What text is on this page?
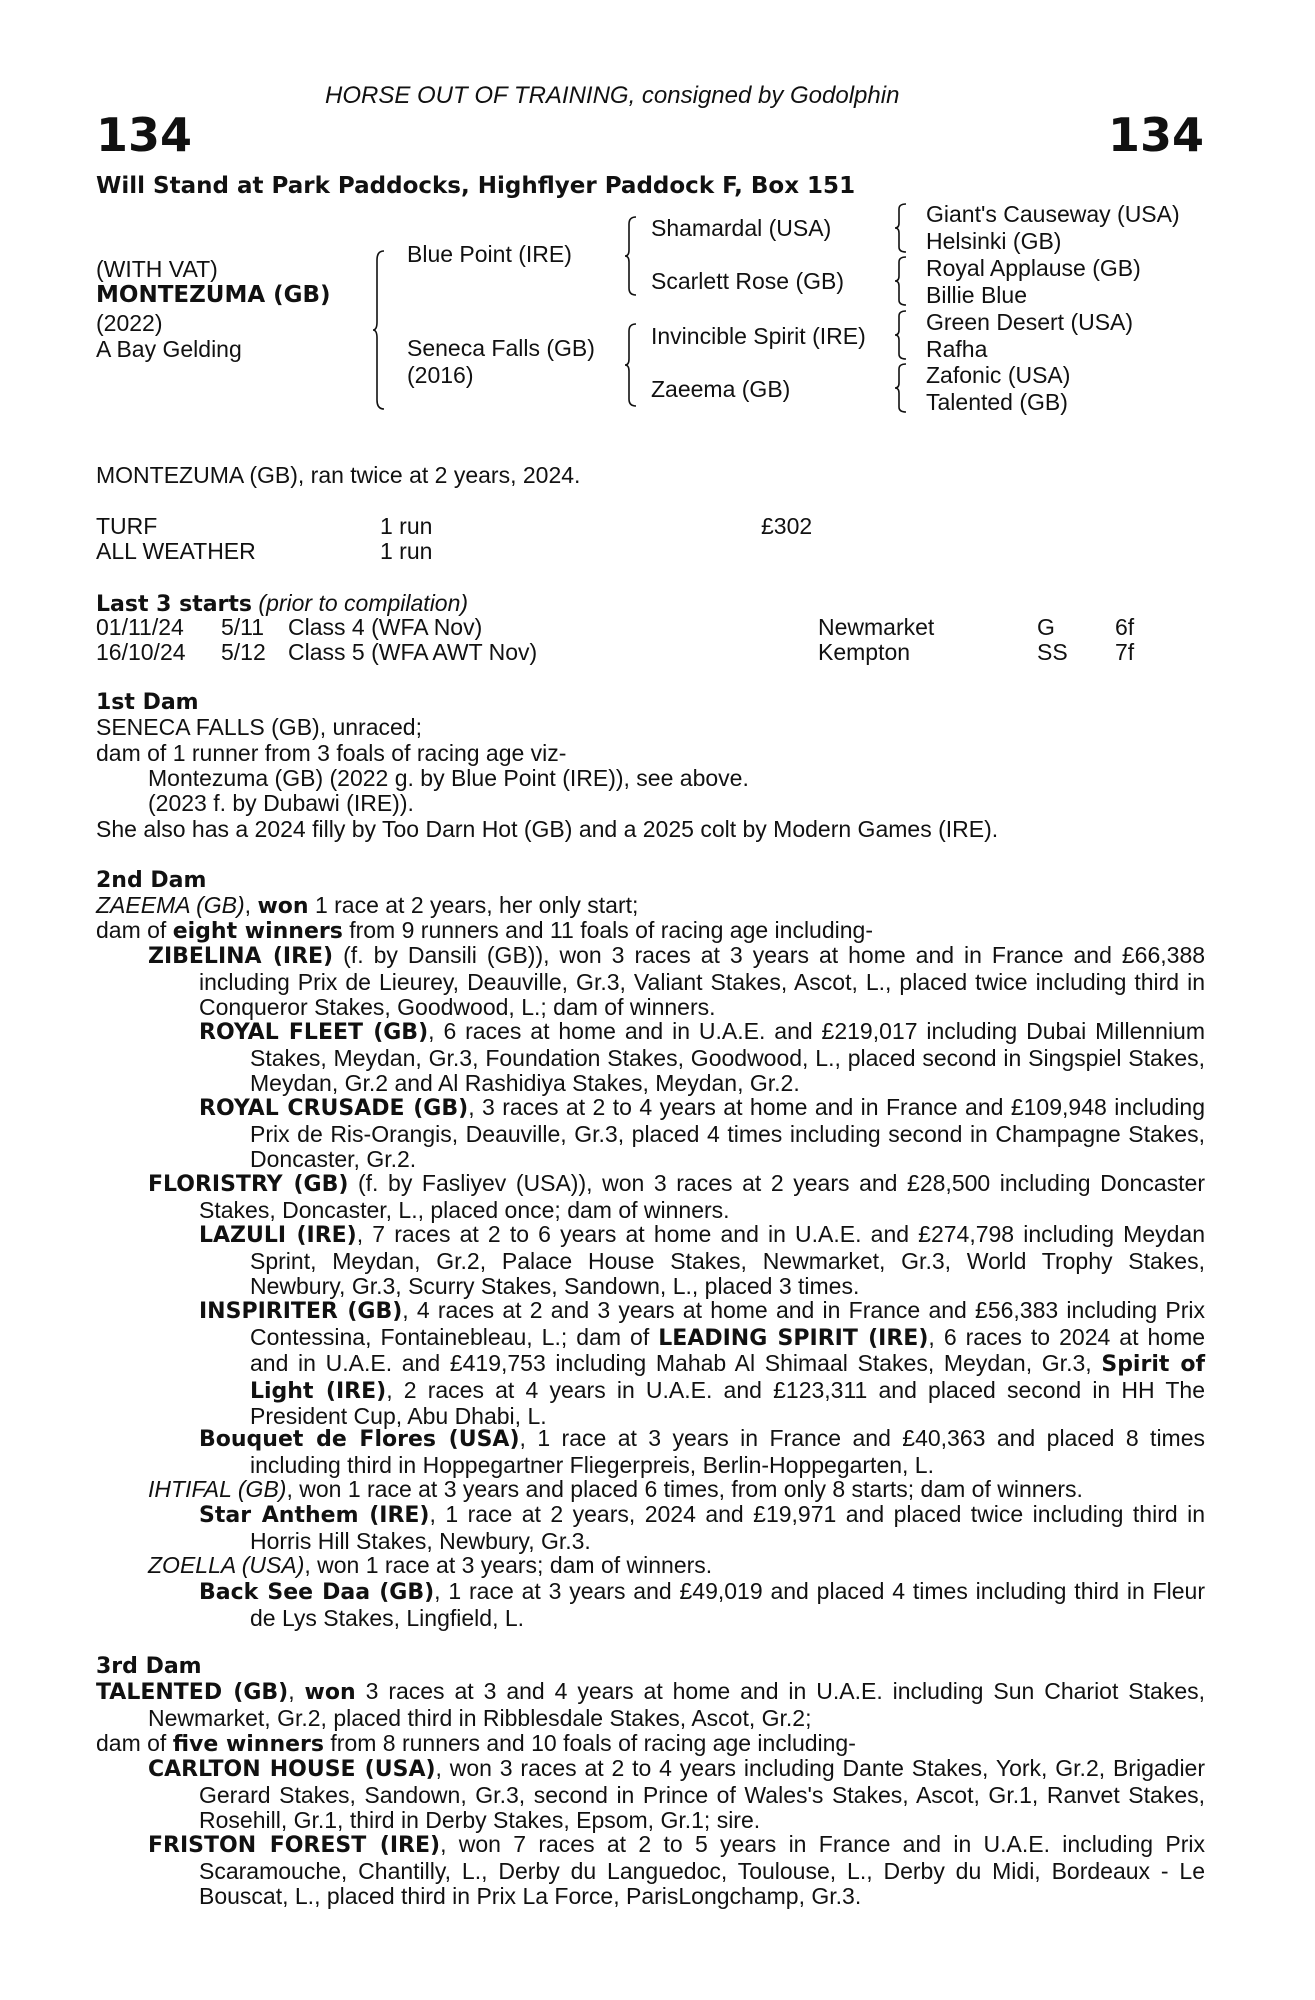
HORSE OUT OF TRAINING, consigned by Godolphin
134	134
Will Stand at Park Paddocks, Highflyer Paddock F, Box 151
(WITH VAT)
MONTEZUMA (GB)
(2022)
A Bay Gelding
Blue Point (IRE)
Seneca Falls (GB)
(2016)
Shamardal (USA)
Scarlett Rose (GB)
Invincible Spirit (IRE)
Zaeema (GB)
Giant's Causeway (USA)
Helsinki (GB)
Royal Applause (GB)
Billie Blue
Green Desert (USA)
Rafha
Zafonic (USA)
Talented (GB)
MONTEZUMA (GB), ran twice at 2 years, 2024.
TURF	1 run	£302
ALL WEATHER	1 run
Last 3 starts (prior to compilation)
01/11/24 5/11 Class 4 (WFA Nov)	Newmarket	G	6f
16/10/24 5/12 Class 5 (WFA AWT Nov)	Kempton	SS 7f
1st Dam
SENECA FALLS (GB), unraced;
dam of 1 runner from 3 foals of racing age viz-
Montezuma (GB) (2022 g. by Blue Point (IRE)), see above.
(2023 f. by Dubawi (IRE)).
She also has a 2024 filly by Too Darn Hot (GB) and a 2025 colt by Modern Games (IRE).
2nd Dam
ZAEEMA (GB), won 1 race at 2 years, her only start;
dam of eight winners from 9 runners and 11 foals of racing age including-
ZIBELINA (IRE) (f. by Dansili (GB)), won 3 races at 3 years at home and in France and £66,388 including Prix de Lieurey, Deauville, Gr.3, Valiant Stakes, Ascot, L., placed twice including third in Conqueror Stakes, Goodwood, L.; dam of winners.
ROYAL FLEET (GB), 6 races at home and in U.A.E. and £219,017 including Dubai Millennium Stakes, Meydan, Gr.3, Foundation Stakes, Goodwood, L., placed second in Singspiel Stakes, Meydan, Gr.2 and Al Rashidiya Stakes, Meydan, Gr.2.
ROYAL CRUSADE (GB), 3 races at 2 to 4 years at home and in France and £109,948 including Prix de Ris-Orangis, Deauville, Gr.3, placed 4 times including second in Champagne Stakes, Doncaster, Gr.2.
FLORISTRY (GB) (f. by Fasliyev (USA)), won 3 races at 2 years and £28,500 including Doncaster Stakes, Doncaster, L., placed once; dam of winners.
LAZULI (IRE), 7 races at 2 to 6 years at home and in U.A.E. and £274,798 including Meydan Sprint, Meydan, Gr.2, Palace House Stakes, Newmarket, Gr.3, World Trophy Stakes, Newbury, Gr.3, Scurry Stakes, Sandown, L., placed 3 times.
INSPIRITER (GB), 4 races at 2 and 3 years at home and in France and £56,383 including Prix Contessina, Fontainebleau, L.; dam of LEADING SPIRIT (IRE), 6 races to 2024 at home and in U.A.E. and £419,753 including Mahab Al Shimaal Stakes, Meydan, Gr.3, Spirit of Light (IRE), 2 races at 4 years in U.A.E. and £123,311 and placed second in HH The President Cup, Abu Dhabi, L.
Bouquet de Flores (USA), 1 race at 3 years in France and £40,363 and placed 8 times including third in Hoppegartner Fliegerpreis, Berlin-Hoppegarten, L.
IHTIFAL (GB), won 1 race at 3 years and placed 6 times, from only 8 starts; dam of winners.
Star Anthem (IRE), 1 race at 2 years, 2024 and £19,971 and placed twice including third in Horris Hill Stakes, Newbury, Gr.3.
ZOELLA (USA), won 1 race at 3 years; dam of winners.
Back See Daa (GB), 1 race at 3 years and £49,019 and placed 4 times including third in Fleur de Lys Stakes, Lingfield, L.
3rd Dam
TALENTED (GB), won 3 races at 3 and 4 years at home and in U.A.E. including Sun Chariot Stakes, Newmarket, Gr.2, placed third in Ribblesdale Stakes, Ascot, Gr.2;
dam of five winners from 8 runners and 10 foals of racing age including-
CARLTON HOUSE (USA), won 3 races at 2 to 4 years including Dante Stakes, York, Gr.2, Brigadier Gerard Stakes, Sandown, Gr.3, second in Prince of Wales's Stakes, Ascot, Gr.1, Ranvet Stakes, Rosehill, Gr.1, third in Derby Stakes, Epsom, Gr.1; sire.
FRISTON FOREST (IRE), won 7 races at 2 to 5 years in France and in U.A.E. including Prix Scaramouche, Chantilly, L., Derby du Languedoc, Toulouse, L., Derby du Midi, Bordeaux - Le Bouscat, L., placed third in Prix La Force, ParisLongchamp, Gr.3.
